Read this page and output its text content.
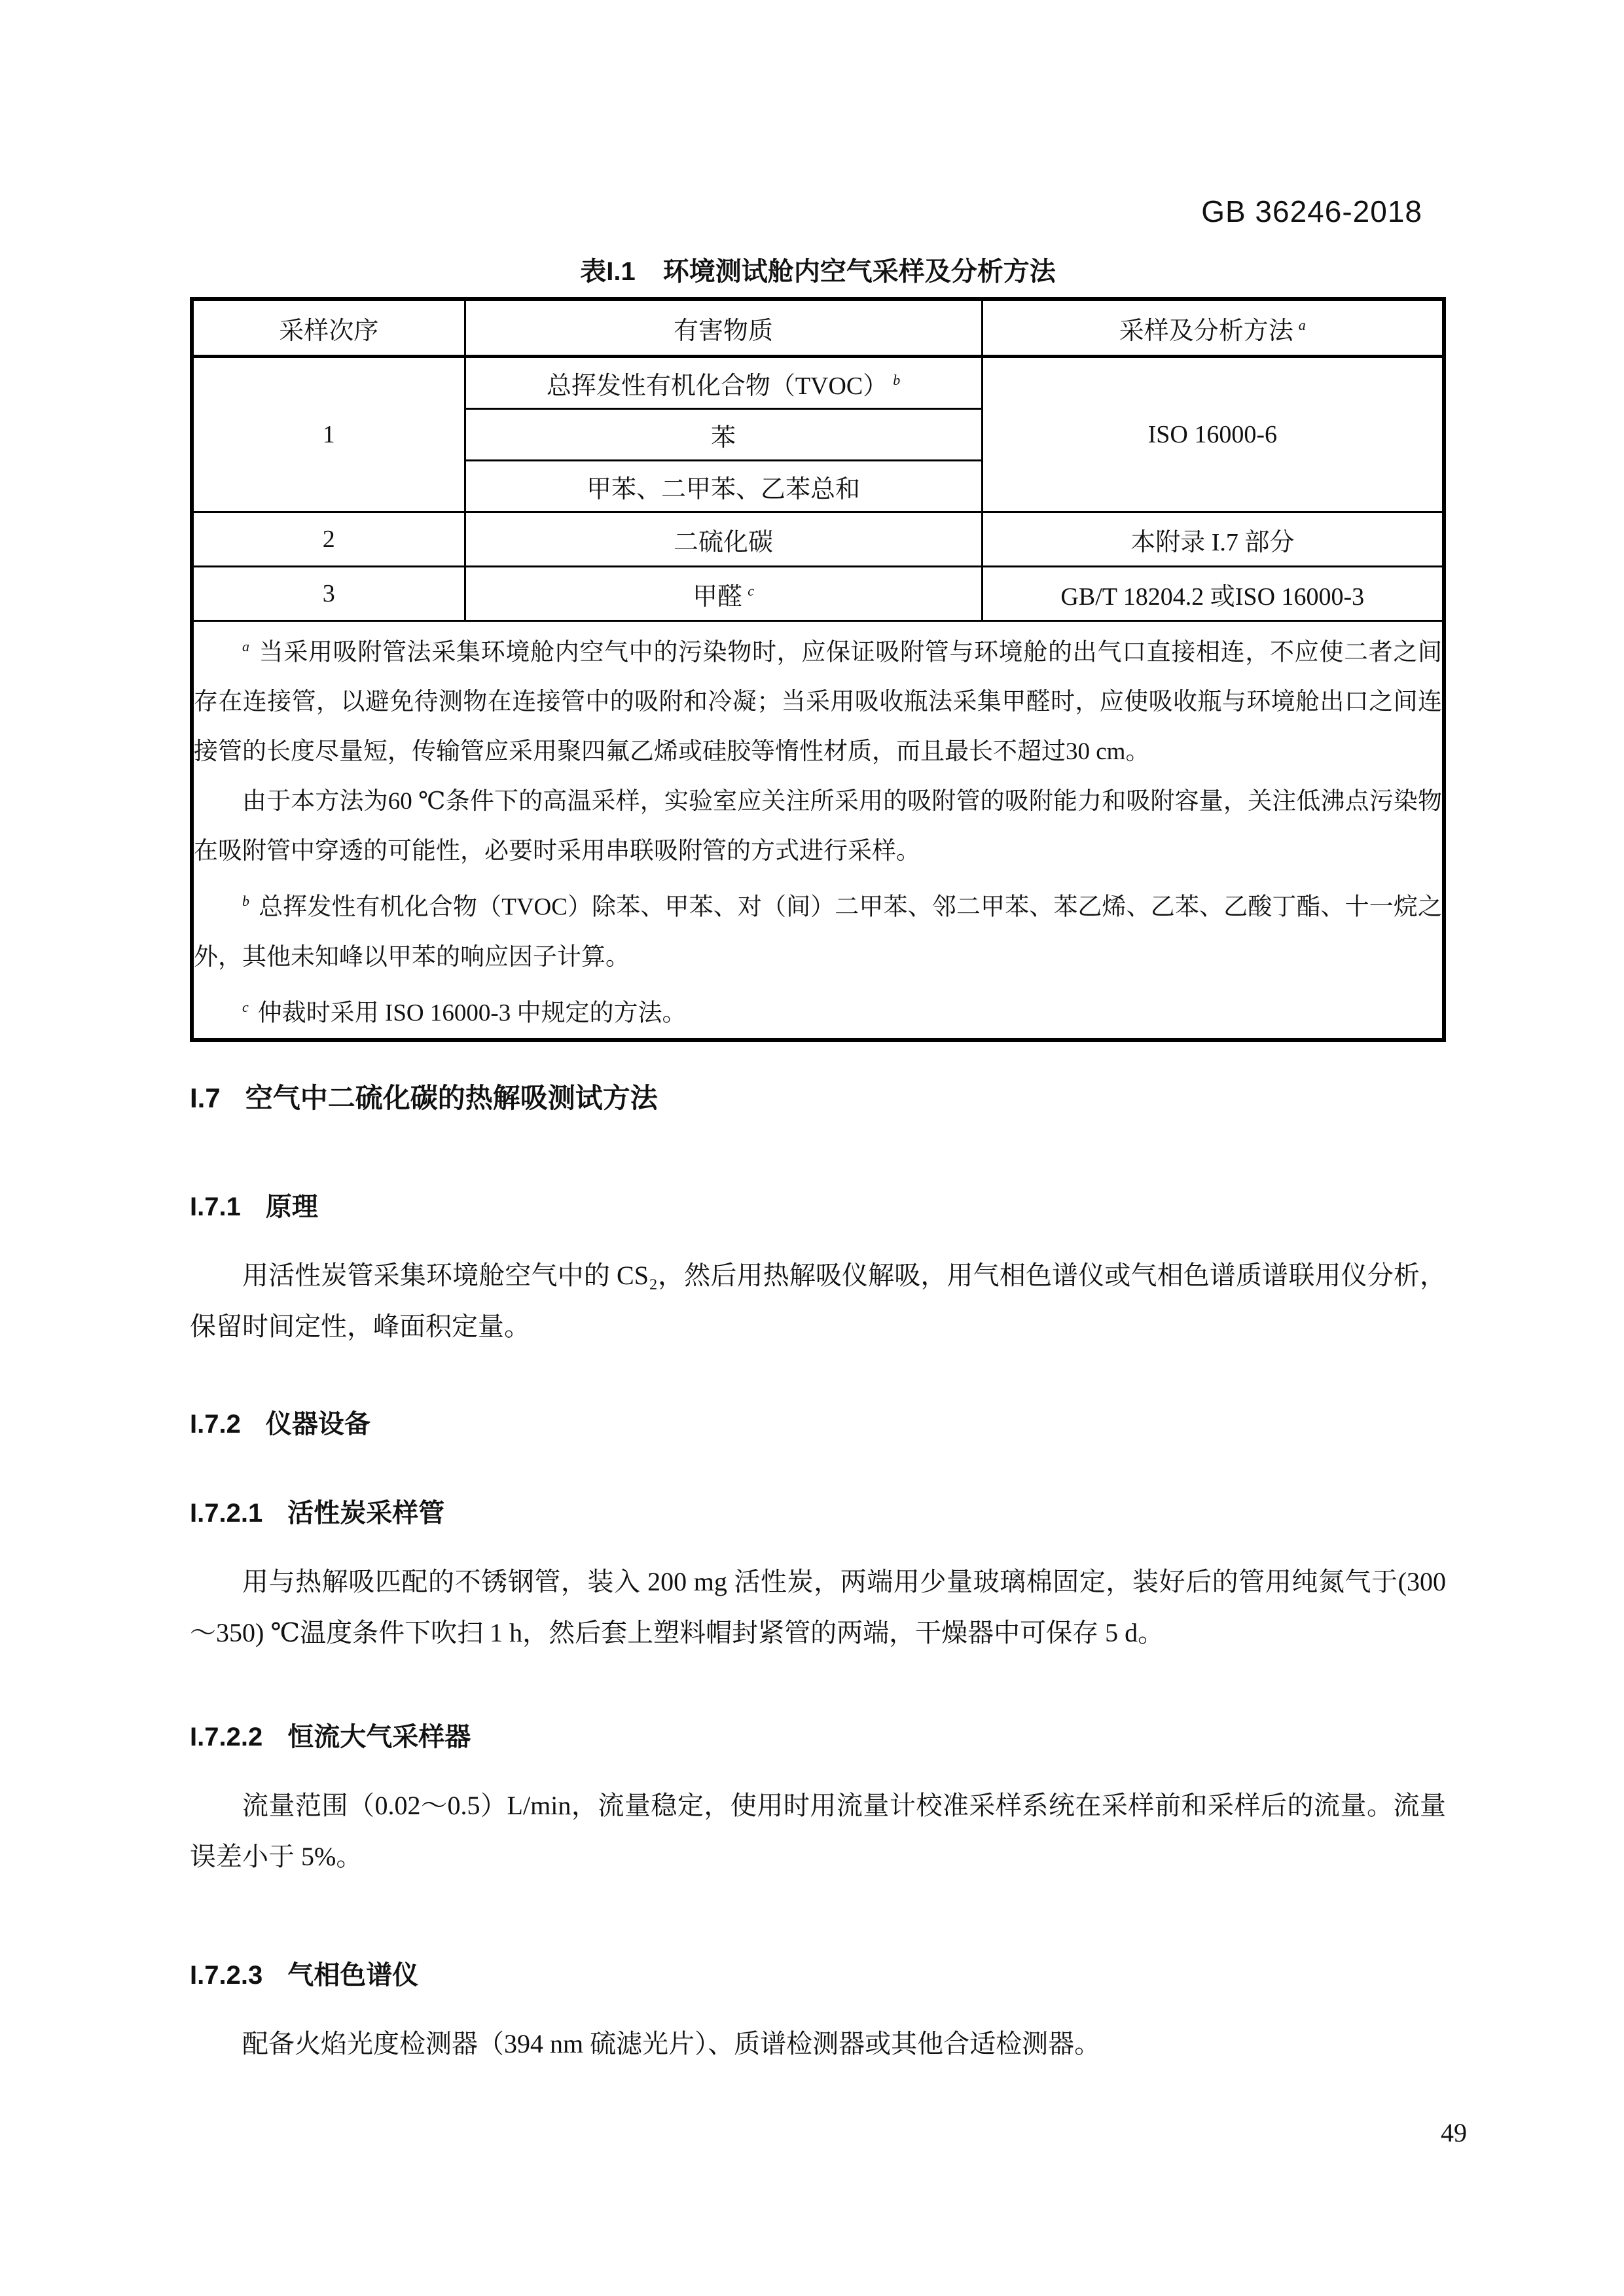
GB 36246-2018
表I.1 环境测试舱内空气采样及分析方法
采样次序	有害物质	采样及分析方法 $^a$
1	总挥发性有机化合物（TVOC） $^b$	ISO 16000-6
	苯	
	甲苯、二甲苯、乙苯总和	
2	二硫化碳	本附录 I.7 部分
3	甲醛 $^c$	GB/T 18204.2 或ISO 16000-3

$^a$ 当采用吸附管法采集环境舱内空气中的污染物时，应保证吸附管与环境舱的出气口直接相连，不应使二者之间存在连接管，以避免待测物在连接管中的吸附和冷凝；当采用吸收瓶法采集甲醛时，应使吸收瓶与环境舱出口之间连接管的长度尽量短，传输管应采用聚四氟乙烯或硅胶等惰性材质，而且最长不超过30 cm。

由于本方法为60 ℃条件下的高温采样，实验室应关注所采用的吸附管的吸附能力和吸附容量，关注低沸点污染物在吸附管中穿透的可能性，必要时采用串联吸附管的方式进行采样。

$^b$ 总挥发性有机化合物（TVOC）除苯、甲苯、对（间）二甲苯、邻二甲苯、苯乙烯、乙苯、乙酸丁酯、十一烷之外，其他未知峰以甲苯的响应因子计算。

$^c$ 仲裁时采用 ISO 16000-3 中规定的方法。		

I.7 空气中二硫化碳的热解吸测试方法
I.7.1 原理

用活性炭管采集环境舱空气中的 CS₂，然后用热解吸仪解吸，用气相色谱仪或气相色谱质谱联用仪分析，保留时间定性，峰面积定量。

I.7.2 仪器设备
I.7.2.1 活性炭采样管

用与热解吸匹配的不锈钢管，装入 200 mg 活性炭，两端用少量玻璃棉固定，装好后的管用纯氮气于(300～350) ℃温度条件下吹扫 1 h，然后套上塑料帽封紧管的两端，干燥器中可保存 5 d。

I.7.2.2 恒流大气采样器

流量范围（0.02～0.5）L/min，流量稳定，使用时用流量计校准采样系统在采样前和采样后的流量。流量误差小于 5%。

I.7.2.3 气相色谱仪

配备火焰光度检测器（394 nm 硫滤光片）、质谱检测器或其他合适检测器。

49
